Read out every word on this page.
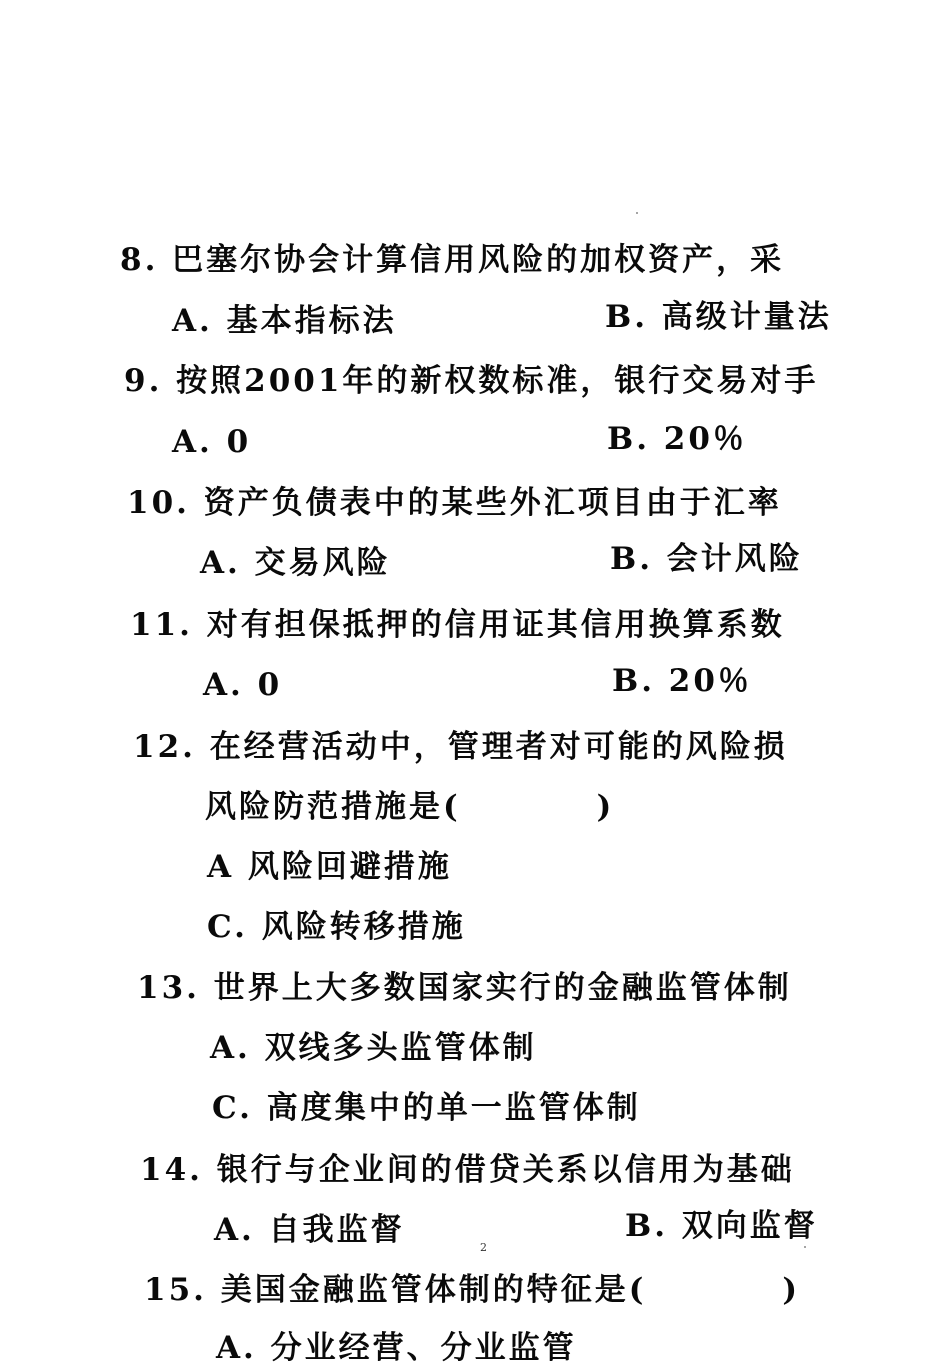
8. 巴塞尔协会计算信用风险的加权资产，采
A. 基本指标法	B. 高级计量法
9. 按照2001年的新权数标准，银行交易对手
A. 0	B. 20％
10. 资产负债表中的某些外汇项目由于汇率
A. 交易风险	B. 会计风险
11. 对有担保抵押的信用证其信用换算系数
A. 0	B. 20％
12. 在经营活动中，管理者对可能的风险损
风险防范措施是(　　　　)
A 风险回避措施
C. 风险转移措施
13. 世界上大多数国家实行的金融监管体制
A. 双线多头监管体制
C. 高度集中的单一监管体制
14. 银行与企业间的借贷关系以信用为基础
A. 自我监督	B. 双向监督
15. 美国金融监管体制的特征是(　　　　)
A. 分业经营、分业监管
2
